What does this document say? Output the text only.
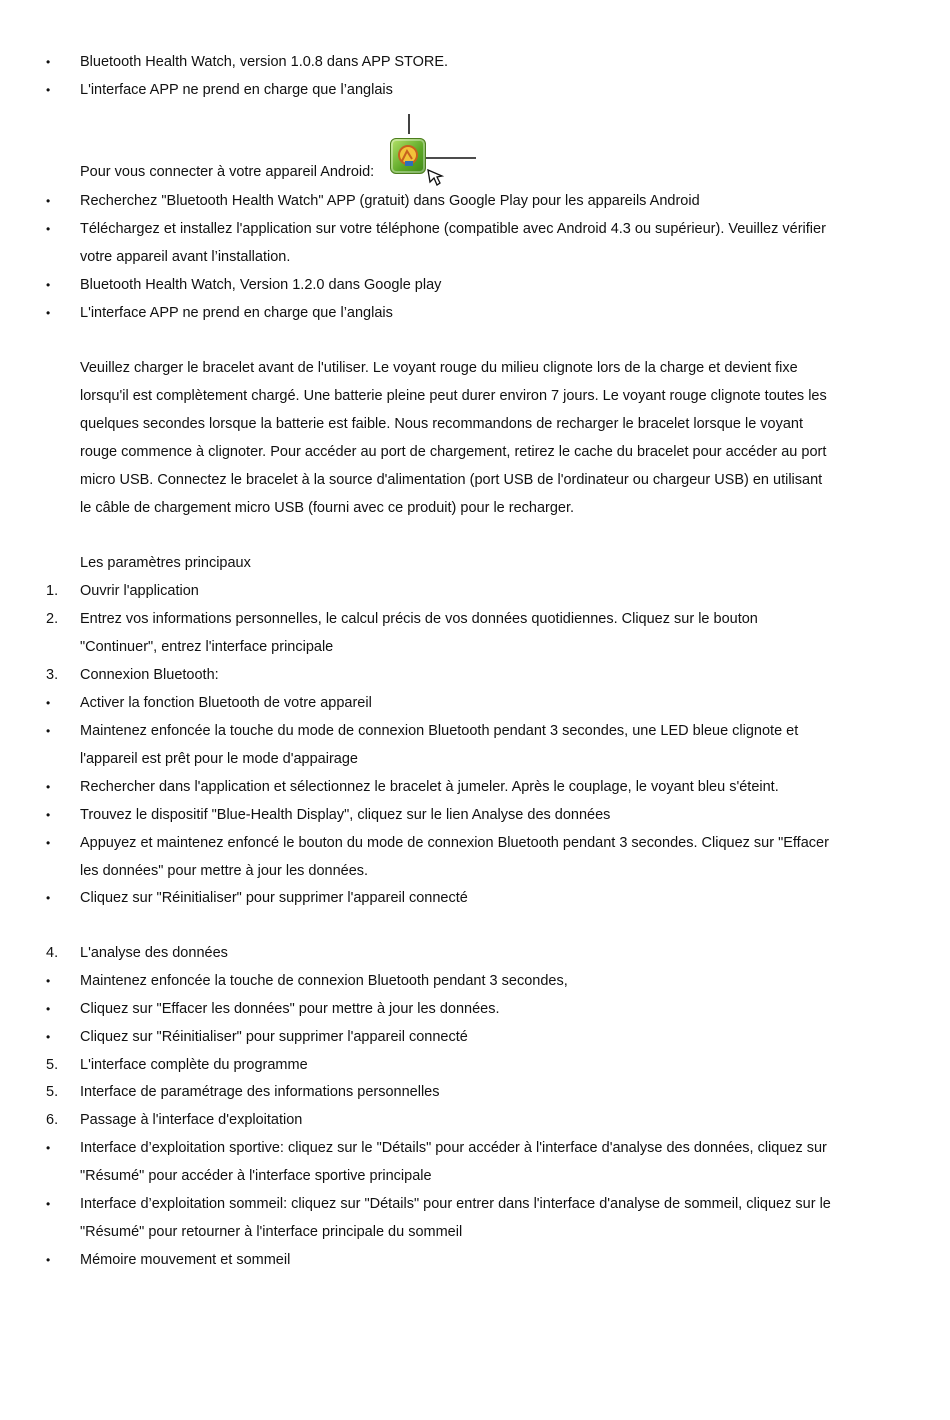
•	Bluetooth Health Watch, version 1.0.8 dans APP STORE.
•	L'interface APP ne prend en charge que l’anglais
Pour vous connecter à votre appareil Android:
•	Recherchez "Bluetooth Health Watch" APP (gratuit) dans Google Play pour les appareils Android
•	Téléchargez et installez l'application sur votre téléphone (compatible avec Android 4.3 ou supérieur). Veuillez vérifier
votre appareil avant l’installation.
•	Bluetooth Health Watch, Version 1.2.0 dans Google play
•	L'interface APP ne prend en charge que l’anglais
Veuillez charger le bracelet avant de l'utiliser. Le voyant rouge du milieu clignote lors de la charge et devient fixe
lorsqu'il est complètement chargé. Une batterie pleine peut durer environ 7 jours. Le voyant rouge clignote toutes les
quelques secondes lorsque la batterie est faible. Nous recommandons de recharger le bracelet lorsque le voyant
rouge commence à clignoter. Pour accéder au port de chargement, retirez le cache du bracelet pour accéder au port
micro USB. Connectez le bracelet à la source d'alimentation (port USB de l'ordinateur ou chargeur USB) en utilisant
le câble de chargement micro USB (fourni avec ce produit) pour le recharger.
Les paramètres principaux
1.	Ouvrir l'application
2.	Entrez vos informations personnelles, le calcul précis de vos données quotidiennes. Cliquez sur le bouton
"Continuer", entrez l'interface principale
3.	Connexion Bluetooth:
•	Activer la fonction Bluetooth de votre appareil
•	Maintenez enfoncée la touche du mode de connexion Bluetooth pendant 3 secondes, une LED bleue clignote et
l'appareil est prêt pour le mode d'appairage
•	Rechercher dans l'application et sélectionnez le bracelet à jumeler. Après le couplage, le voyant bleu s'éteint.
•	Trouvez le dispositif "Blue-Health Display", cliquez sur le lien Analyse des données
•	Appuyez et maintenez enfoncé le bouton du mode de connexion Bluetooth pendant 3 secondes. Cliquez sur "Effacer
les données" pour mettre à jour les données.
•	Cliquez sur "Réinitialiser" pour supprimer l'appareil connecté
4.	L'analyse des données
•	Maintenez enfoncée la touche de connexion Bluetooth pendant 3 secondes,
•	Cliquez sur "Effacer les données" pour mettre à jour les données.
•	Cliquez sur "Réinitialiser" pour supprimer l'appareil connecté
5.	L'interface complète du programme
5.	Interface de paramétrage des informations personnelles
6.	Passage à l'interface d'exploitation
•	Interface d’exploitation sportive: cliquez sur le "Détails" pour accéder à l'interface d'analyse des données, cliquez sur
"Résumé" pour accéder à l'interface sportive principale
•	Interface d’exploitation sommeil: cliquez sur "Détails" pour entrer dans l'interface d'analyse de sommeil, cliquez sur le
"Résumé" pour retourner à l'interface principale du sommeil
•	Mémoire mouvement et sommeil
